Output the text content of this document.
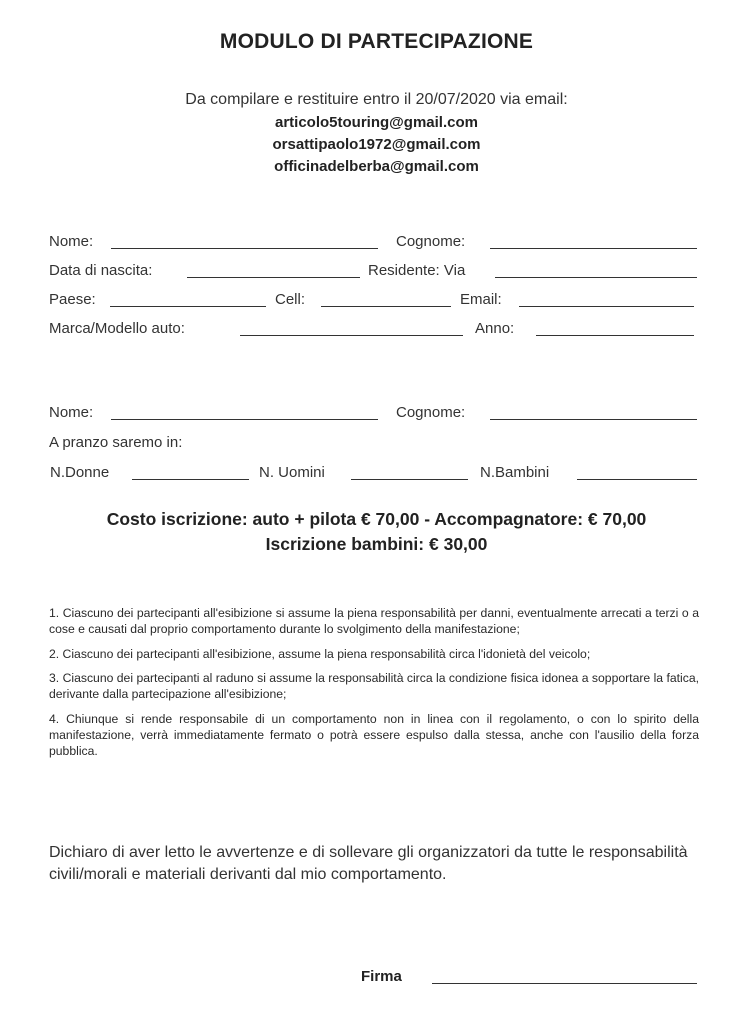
MODULO DI PARTECIPAZIONE
Da compilare e restituire entro il 20/07/2020 via email:
articolo5touring@gmail.com
orsattipaolo1972@gmail.com
officinadelberba@gmail.com
Nome:	Cognome:
Data di nascita:	Residente: Via
Paese:	Cell:	Email:
Marca/Modello auto:	Anno:
Nome:	Cognome:
A pranzo saremo in:
N.Donne	N. Uomini	N.Bambini
Costo iscrizione: auto + pilota € 70,00 - Accompagnatore: € 70,00
Iscrizione bambini: € 30,00

1. Ciascuno dei partecipanti all'esibizione si assume la piena responsabilità per danni, eventualmente arrecati a terzi o a cose e causati dal proprio comportamento durante lo svolgimento della manifestazione;

2. Ciascuno dei partecipanti all'esibizione, assume la piena responsabilità circa l'idonietà del veicolo;

3. Ciascuno dei partecipanti al raduno si assume la responsabilità circa la condizione fisica idonea a sopportare la fatica, derivante dalla partecipazione all'esibizione;

4. Chiunque si rende responsabile di un comportamento non in linea con il regolamento, o con lo spirito della manifestazione, verrà immediatamente fermato o potrà essere espulso dalla stessa, anche con l'ausilio della forza pubblica.

Dichiaro di aver letto le avvertenze e di sollevare gli organizzatori da tutte le responsabilità civili/morali e materiali derivanti dal mio comportamento.
Firma
